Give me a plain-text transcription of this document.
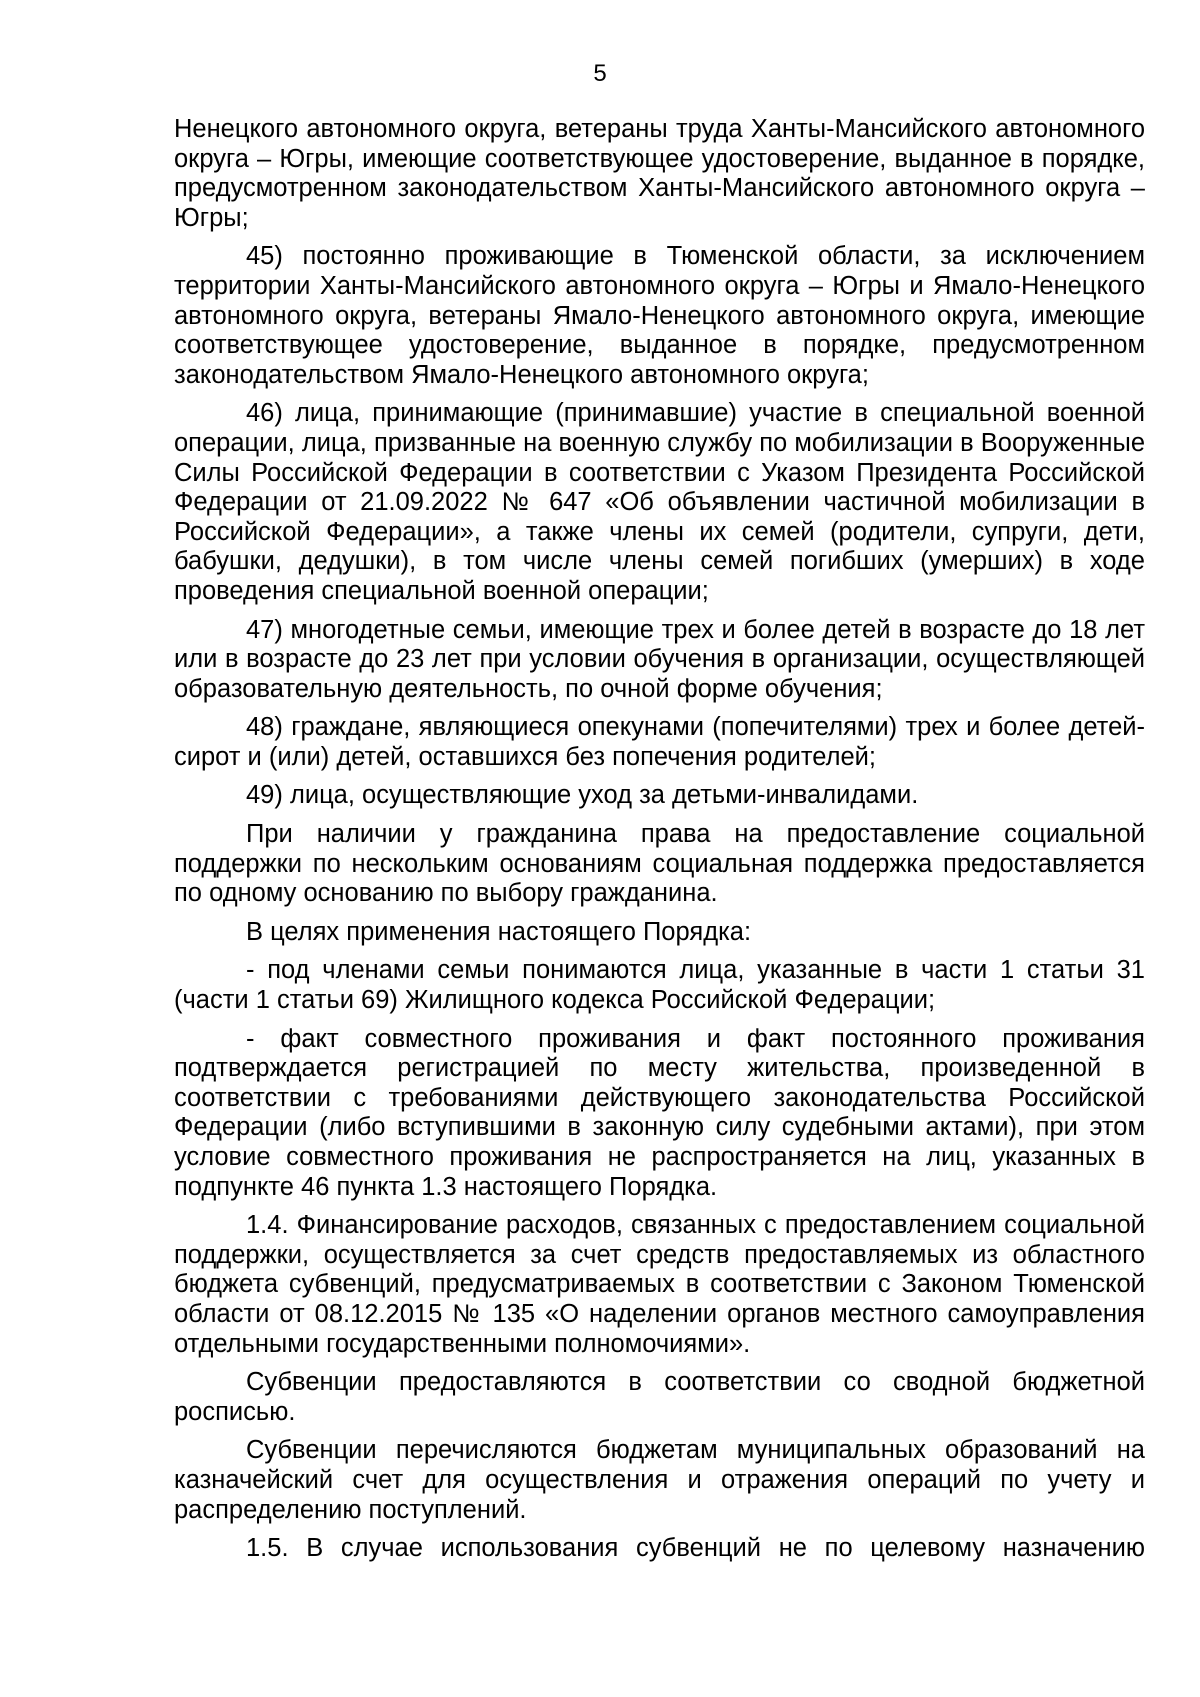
5

Ненецкого автономного округа, ветераны труда Ханты-Мансийского автономного округа – Югры, имеющие соответствующее удостоверение, выданное в порядке, предусмотренном законодательством Ханты-Мансийского автономного округа – Югры;

45) постоянно проживающие в Тюменской области, за исключением территории Ханты-Мансийского автономного округа – Югры и Ямало-Ненецкого автономного округа, ветераны Ямало-Ненецкого автономного округа, имеющие соответствующее удостоверение, выданное в порядке, предусмотренном законодательством Ямало-Ненецкого автономного округа;

46) лица, принимающие (принимавшие) участие в специальной военной операции, лица, призванные на военную службу по мобилизации в Вооруженные Силы Российской Федерации в соответствии с Указом Президента Российской Федерации от 21.09.2022 № 647 «Об объявлении частичной мобилизации в Российской Федерации», а также члены их семей (родители, супруги, дети, бабушки, дедушки), в том числе члены семей погибших (умерших) в ходе проведения специальной военной операции;

47) многодетные семьи, имеющие трех и более детей в возрасте до 18 лет или в возрасте до 23 лет при условии обучения в организации, осуществляющей образовательную деятельность, по очной форме обучения;

48) граждане, являющиеся опекунами (попечителями) трех и более детей-сирот и (или) детей, оставшихся без попечения родителей;

49) лица, осуществляющие уход за детьми-инвалидами.

При наличии у гражданина права на предоставление социальной поддержки по нескольким основаниям социальная поддержка предоставляется по одному основанию по выбору гражданина.

В целях применения настоящего Порядка:

- под членами семьи понимаются лица, указанные в части 1 статьи 31 (части 1 статьи 69) Жилищного кодекса Российской Федерации;

- факт совместного проживания и факт постоянного проживания подтверждается регистрацией по месту жительства, произведенной в соответствии с требованиями действующего законодательства Российской Федерации (либо вступившими в законную силу судебными актами), при этом условие совместного проживания не распространяется на лиц, указанных в подпункте 46 пункта 1.3 настоящего Порядка.

1.4. Финансирование расходов, связанных с предоставлением социальной поддержки, осуществляется за счет средств предоставляемых из областного бюджета субвенций, предусматриваемых в соответствии с Законом Тюменской области от 08.12.2015 № 135 «О наделении органов местного самоуправления отдельными государственными полномочиями».

Субвенции предоставляются в соответствии со сводной бюджетной росписью.

Субвенции перечисляются бюджетам муниципальных образований на казначейский счет для осуществления и отражения операций по учету и распределению поступлений.

1.5. В случае использования субвенций не по целевому назначению
